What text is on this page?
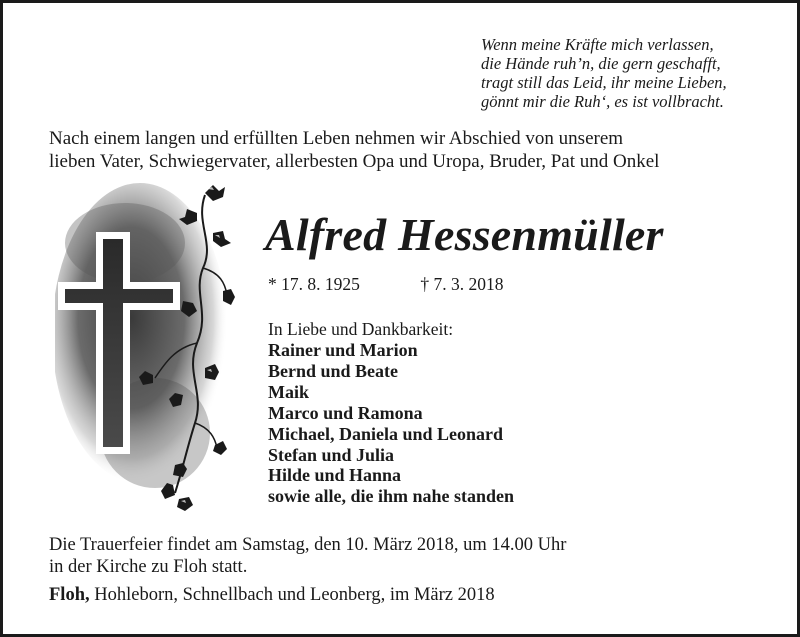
Wenn meine Kräfte mich verlassen,
die Hände ruh’n, die gern geschafft,
tragt still das Leid, ihr meine Lieben,
gönnt mir die Ruh‘, es ist vollbracht.
Nach einem langen und erfüllten Leben nehmen wir Abschied von unserem
lieben Vater, Schwiegervater, allerbesten Opa und Uropa, Bruder, Pat und Onkel
Alfred Hessenmüller
* 17. 8. 1925	† 7. 3. 2018
In Liebe und Dankbarkeit:
Rainer und Marion
Bernd und Beate
Maik
Marco und Ramona
Michael, Daniela und Leonard
Stefan und Julia
Hilde und Hanna
sowie alle, die ihm nahe standen
Die Trauerfeier findet am Samstag, den 10. März 2018, um 14.00 Uhr
in der Kirche zu Floh statt.
Floh, Hohleborn, Schnellbach und Leonberg, im März 2018
